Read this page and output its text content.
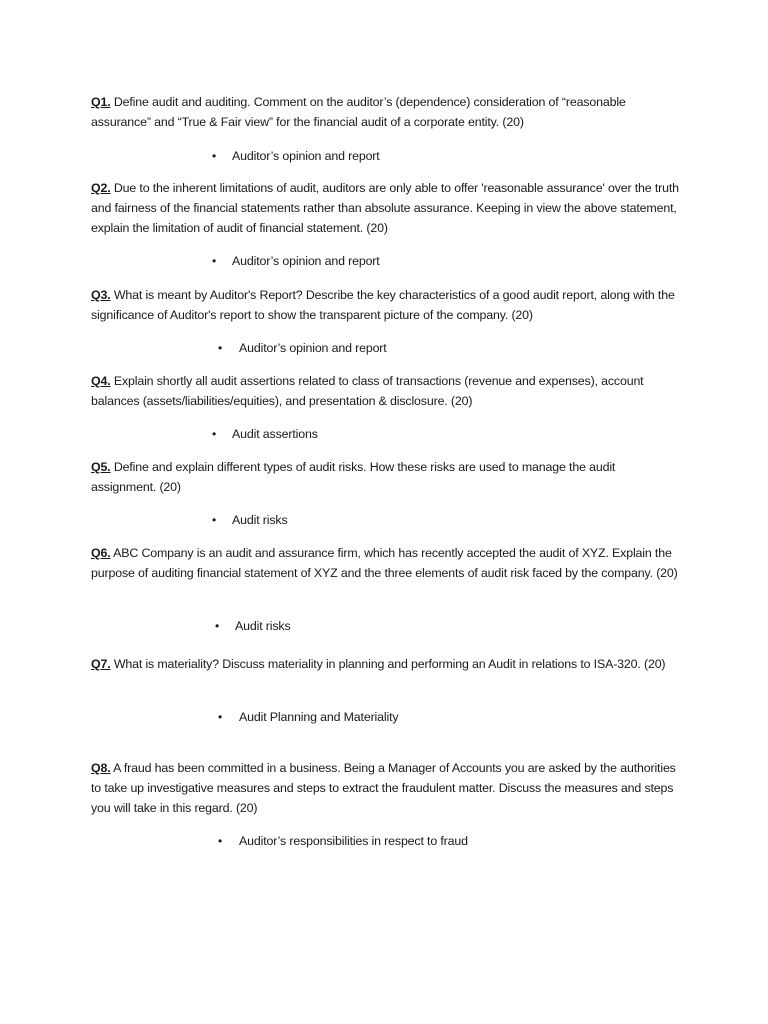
Q1. Define audit and auditing. Comment on the auditor’s (dependence) consideration of “reasonable assurance” and “True & Fair view” for the financial audit of a corporate entity. (20)
• Auditor’s opinion and report
Q2. Due to the inherent limitations of audit, auditors are only able to offer 'reasonable assurance' over the truth and fairness of the financial statements rather than absolute assurance. Keeping in view the above statement, explain the limitation of audit of financial statement. (20)
• Auditor’s opinion and report
Q3. What is meant by Auditor's Report? Describe the key characteristics of a good audit report, along with the significance of Auditor's report to show the transparent picture of the company. (20)
• Auditor’s opinion and report
Q4. Explain shortly all audit assertions related to class of transactions (revenue and expenses), account balances (assets/liabilities/equities), and presentation & disclosure. (20)
• Audit assertions
Q5. Define and explain different types of audit risks. How these risks are used to manage the audit assignment. (20)
• Audit risks
Q6. ABC Company is an audit and assurance firm, which has recently accepted the audit of XYZ. Explain the purpose of auditing financial statement of XYZ and the three elements of audit risk faced by the company. (20)
• Audit risks
Q7. What is materiality? Discuss materiality in planning and performing an Audit in relations to ISA-320. (20)
• Audit Planning and Materiality
Q8. A fraud has been committed in a business. Being a Manager of Accounts you are asked by the authorities to take up investigative measures and steps to extract the fraudulent matter. Discuss the measures and steps you will take in this regard. (20)
• Auditor’s responsibilities in respect to fraud
